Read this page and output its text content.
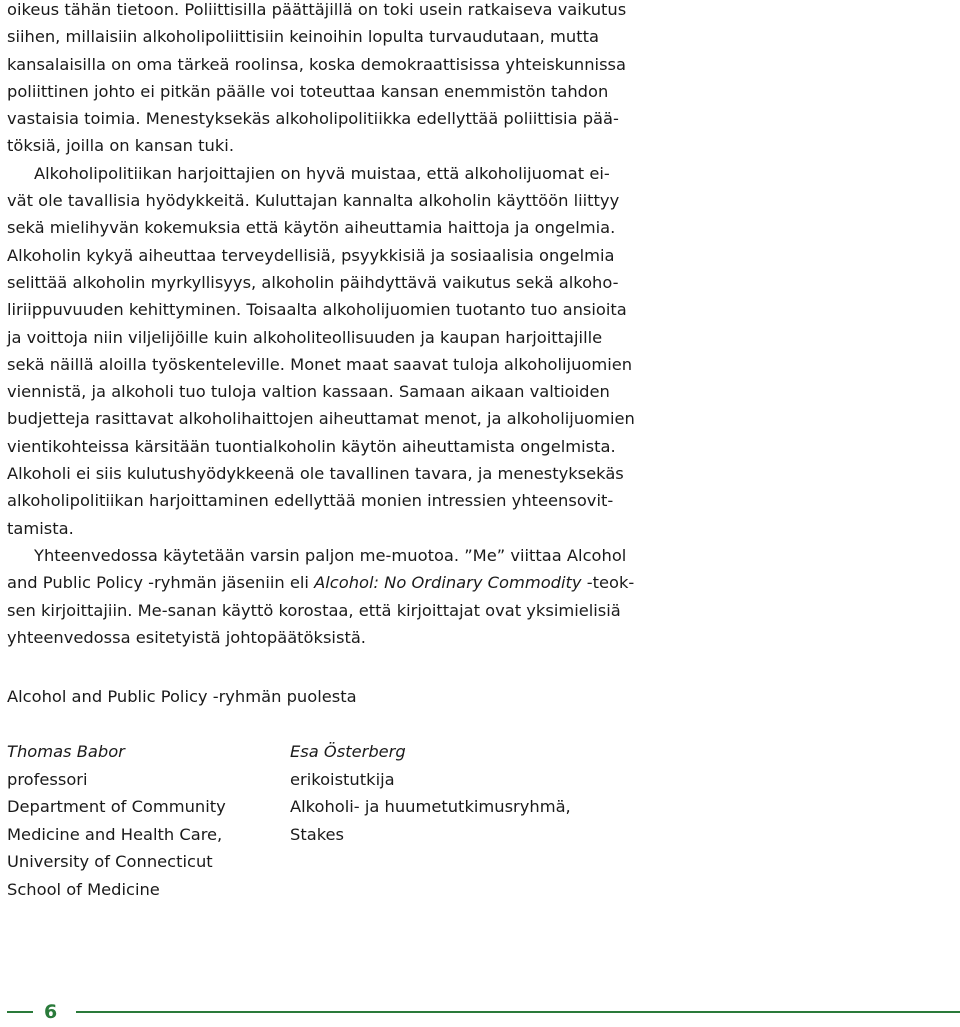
oikeus tähän tietoon. Poliittisilla päättäjillä on toki usein ratkaiseva vaikutus
siihen, millaisiin alkoholipoliittisiin keinoihin lopulta turvaudutaan, mutta
kansalaisilla on oma tärkeä roolinsa, koska demokraattisissa yhteiskunnissa
poliittinen johto ei pitkän päälle voi toteuttaa kansan enemmistön tahdon
vastaisia toimia. Menestyksekäs alkoholipolitiikka edellyttää poliittisia pää-
töksiä, joilla on kansan tuki.

Alkoholipolitiikan harjoittajien on hyvä muistaa, että alkoholijuomat ei-
vät ole tavallisia hyödykkeitä. Kuluttajan kannalta alkoholin käyttöön liittyy
sekä mielihyvän kokemuksia että käytön aiheuttamia haittoja ja ongelmia.
Alkoholin kykyä aiheuttaa terveydellisiä, psyykkisiä ja sosiaalisia ongelmia
selittää alkoholin myrkyllisyys, alkoholin päihdyttävä vaikutus sekä alkoho-
liriippuvuuden kehittyminen. Toisaalta alkoholijuomien tuotanto tuo ansioita
ja voittoja niin viljelijöille kuin alkoholiteollisuuden ja kaupan harjoittajille
sekä näillä aloilla työskenteleville. Monet maat saavat tuloja alkoholijuomien
viennistä, ja alkoholi tuo tuloja valtion kassaan. Samaan aikaan valtioiden
budjetteja rasittavat alkoholihaittojen aiheuttamat menot, ja alkoholijuomien
vientikohteissa kärsitään tuontialkoholin käytön aiheuttamista ongelmista.
Alkoholi ei siis kulutushyödykkeenä ole tavallinen tavara, ja menestyksekäs
alkoholipolitiikan harjoittaminen edellyttää monien intressien yhteensovit-
tamista.

Yhteenvedossa käytetään varsin paljon me-muotoa. ”Me” viittaa Alcohol
and Public Policy -ryhmän jäseniin eli Alcohol: No Ordinary Commodity -teok-
sen kirjoittajiin. Me-sanan käyttö korostaa, että kirjoittajat ovat yksimielisiä
yhteenvedossa esitetyistä johtopäätöksistä.

Alcohol and Public Policy -ryhmän puolesta
Thomas Babor
professori
Department of Community
Medicine and Health Care,
University of Connecticut
School of Medicine
Esa Österberg
erikoistutkija
Alkoholi- ja huumetutkimusryhmä,
Stakes
6
